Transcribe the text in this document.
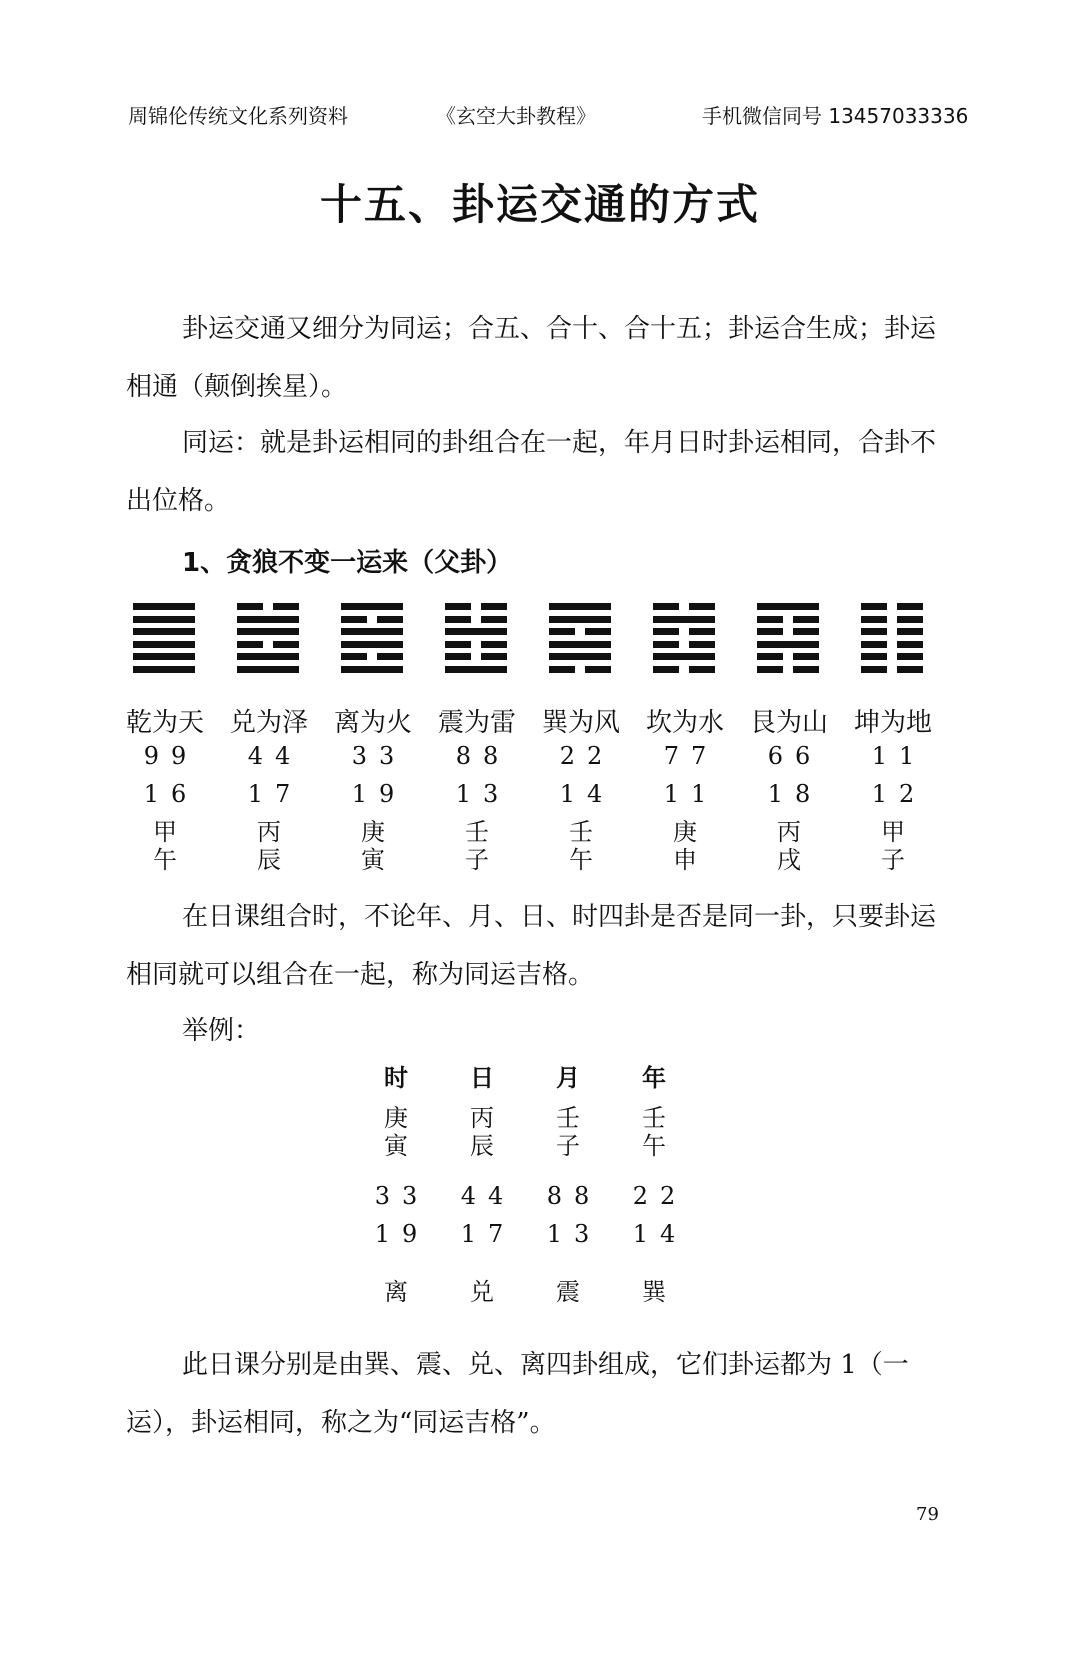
周锦伦传统文化系列资料	《玄空大卦教程》	手机微信同号 13457033336
十五、卦运交通的方式

卦运交通又细分为同运；合五、合十、合十五；卦运合生成；卦运相通（颠倒挨星）。

同运：就是卦运相同的卦组合在一起，年月日时卦运相同，合卦不出位格。

1、贪狼不变一运来（父卦）
乾为天
99
16
甲
午
兑为泽
44
17
丙
辰
离为火
33
19
庚
寅
震为雷
88
13
壬
子
巽为风
22
14
壬
午
坎为水
77
11
庚
申
艮为山
66
18
丙
戌
坤为地
11
12
甲
子

在日课组合时，不论年、月、日、时四卦是否是同一卦，只要卦运相同就可以组合在一起，称为同运吉格。

举例：

时
庚
寅
33
19
离
日
丙
辰
44
17
兑
月
壬
子
88
13
震
年
壬
午
22
14
巽

此日课分别是由巽、震、兑、离四卦组成，它们卦运都为 1（一运），卦运相同，称之为“同运吉格”。

79
